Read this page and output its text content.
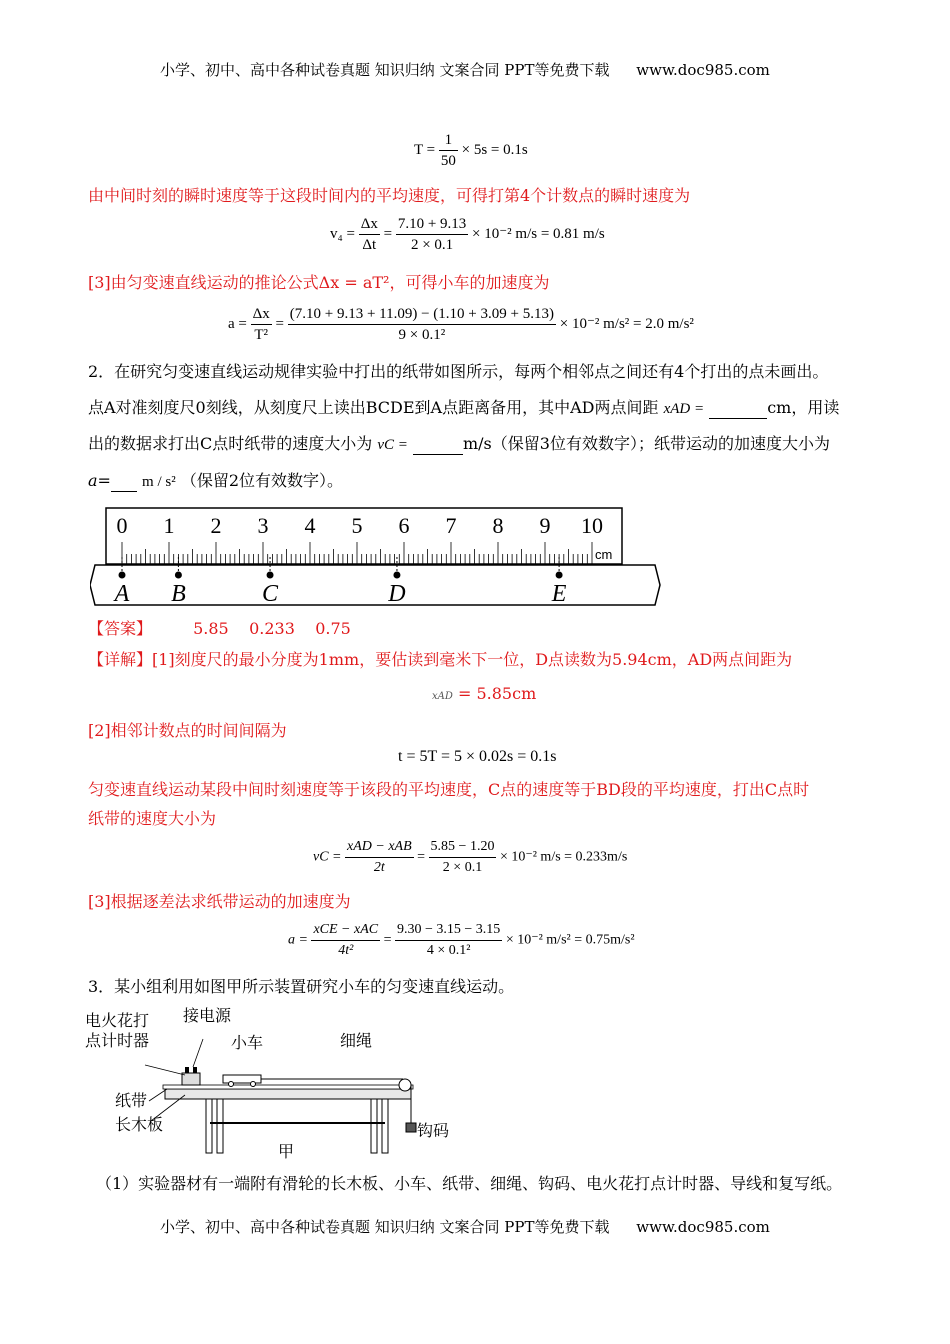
小学、初中、高中各种试卷真题 知识归纳 文案合同 PPT等免费下载 www.doc985.com
$T = \frac{1}{50} \times 5s = 0.1s$
由中间时刻的瞬时速度等于这段时间内的平均速度，可得打第4个计数点的瞬时速度为
$v_4 = \frac{\Delta x}{\Delta t} = \frac{7.10 + 9.13}{2 \times 0.1} \times 10^{-2}$ m/s = 0.81 m/s
[3]由匀变速直线运动的推论公式Δx = aT²，可得小车的加速度为
$a = \frac{\Delta x}{\text{T²}} = \frac{(7.10 + 9.13 + 11.09) - (1.10 + 3.09 + 5.13)}{\text{9 × 0.1²}} \times 10^{-2}$ m/s² = 2.0 m/s²
2．在研究匀变速直线运动规律实验中打出的纸带如图所示，每两个相邻点之间还有4个打出的点未画出。
点A对准刻度尺0刻线，从刻度尺上读出BCDE到A点距离备用，其中AD两点间距 xAD =	cm，用读
出的数据求打出C点时纸带的速度大小为 vC =	m/s（保留3位有效数字）；纸带运动的加速度大小为
a= m / s² （保留2位有效数字）。
0 1 2 3 4 5 6 7 8 9 10
cm
A B	C	D	E
【答案】	5.85    0.233    0.75
【详解】[1]刻度尺的最小分度为1mm，要估读到毫米下一位，D点读数为5.94cm，AD两点间距为
xAD = 5.85cm
[2]相邻计数点的时间间隔为
t = 5T = 5 × 0.02s = 0.1s
匀变速直线运动某段中间时刻速度等于该段的平均速度，C点的速度等于BD段的平均速度，打出C点时
纸带的速度大小为
vC = $\frac{\text{xAD − xAB}}{2t} = \frac{5.85 - 1.20}{2 \times 0.1} \times 10^{-2}$ m/s = 0.233m/s
[3]根据逐差法求纸带运动的加速度为
$a = \frac{\text{xCE − xAC}}{\text{4t²}} = \frac{9.30 - 3.15 - 3.15}{\text{4 × 0.1²}} \times 10^{-2}$ m/s² = 0.75m/s²
3．某小组利用如图甲所示装置研究小车的匀变速直线运动。
电火花打
点计时器
接电源
小车	细绳
纸带
长木板	钩码
甲
（1）实验器材有一端附有滑轮的长木板、小车、纸带、细绳、钩码、电火花打点计时器、导线和复写纸。
小学、初中、高中各种试卷真题 知识归纳 文案合同 PPT等免费下载 www.doc985.com
